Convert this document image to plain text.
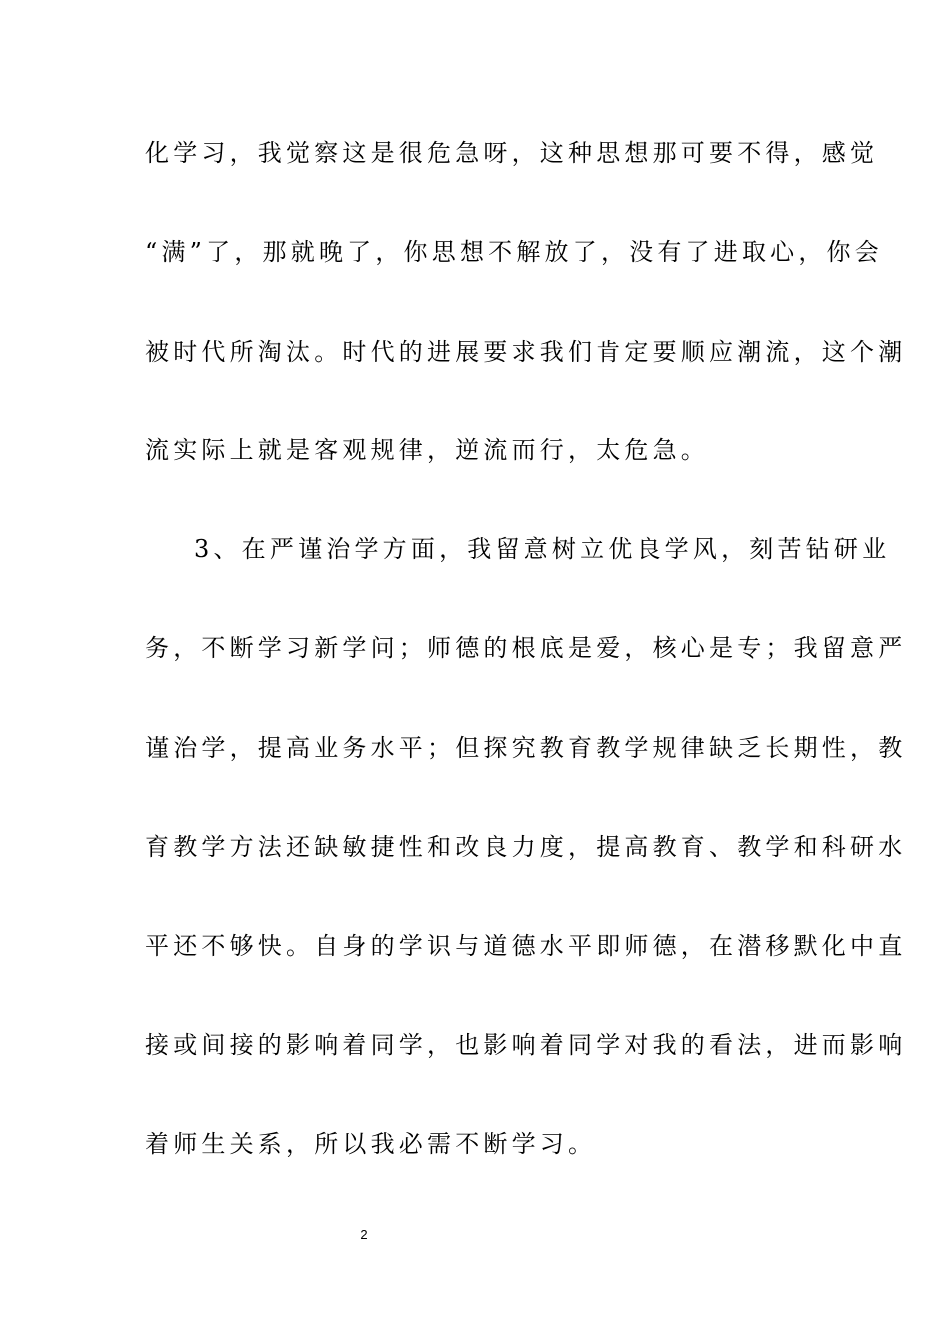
化学习，我觉察这是很危急呀，这种思想那可要不得，感觉
“满”了，那就晚了，你思想不解放了，没有了进取心，你会
被时代所淘汰。时代的进展要求我们肯定要顺应潮流，这个潮
流实际上就是客观规律，逆流而行，太危急。
3、在严谨治学方面，我留意树立优良学风，刻苦钻研业
务，不断学习新学问；师德的根底是爱，核心是专；我留意严
谨治学，提高业务水平；但探究教育教学规律缺乏长期性，教
育教学方法还缺敏捷性和改良力度，提高教育、教学和科研水
平还不够快。自身的学识与道德水平即师德，在潜移默化中直
接或间接的影响着同学，也影响着同学对我的看法，进而影响
着师生关系，所以我必需不断学习。
2
